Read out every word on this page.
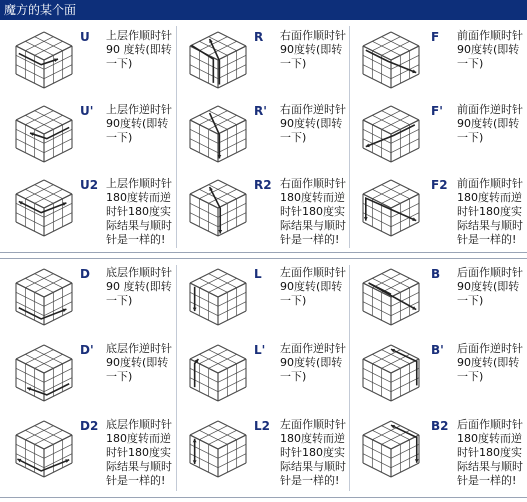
魔方的某个面
U 上层作顺时针
90 度转(即转
一下)
R 右面作顺时针
90度转(即转
一下)
F 前面作顺时针
90度转(即转
一下)
U' 上层作逆时针
90度转(即转
一下)
R' 右面作逆时针
90度转(即转
一下)
F' 前面作逆时针
90度转(即转
一下)
U2 上层作顺时针
180度转而逆
时针180度实
际结果与顺时
针是一样的!
R2 右面作顺时针
180度转而逆
时针180度实
际结果与顺时
针是一样的!
F2 前面作顺时针
180度转而逆
时针180度实
际结果与顺时
针是一样的!
D 底层作顺时针
90 度转(即转
一下)
L 左面作顺时针
90度转(即转
一下)
B 后面作顺时针
90度转(即转
一下)
D' 底层作逆时针
90度转(即转
一下)
L' 左面作逆时针
90度转(即转
一下)
B' 后面作逆时针
90度转(即转
一下)
D2 底层作顺时针
180度转而逆
时针180度实
际结果与顺时
针是一样的!
L2 左面作顺时针
180度转而逆
时针180度实
际结果与顺时
针是一样的!
B2 后面作顺时针
180度转而逆
时针180度实
际结果与顺时
针是一样的!
